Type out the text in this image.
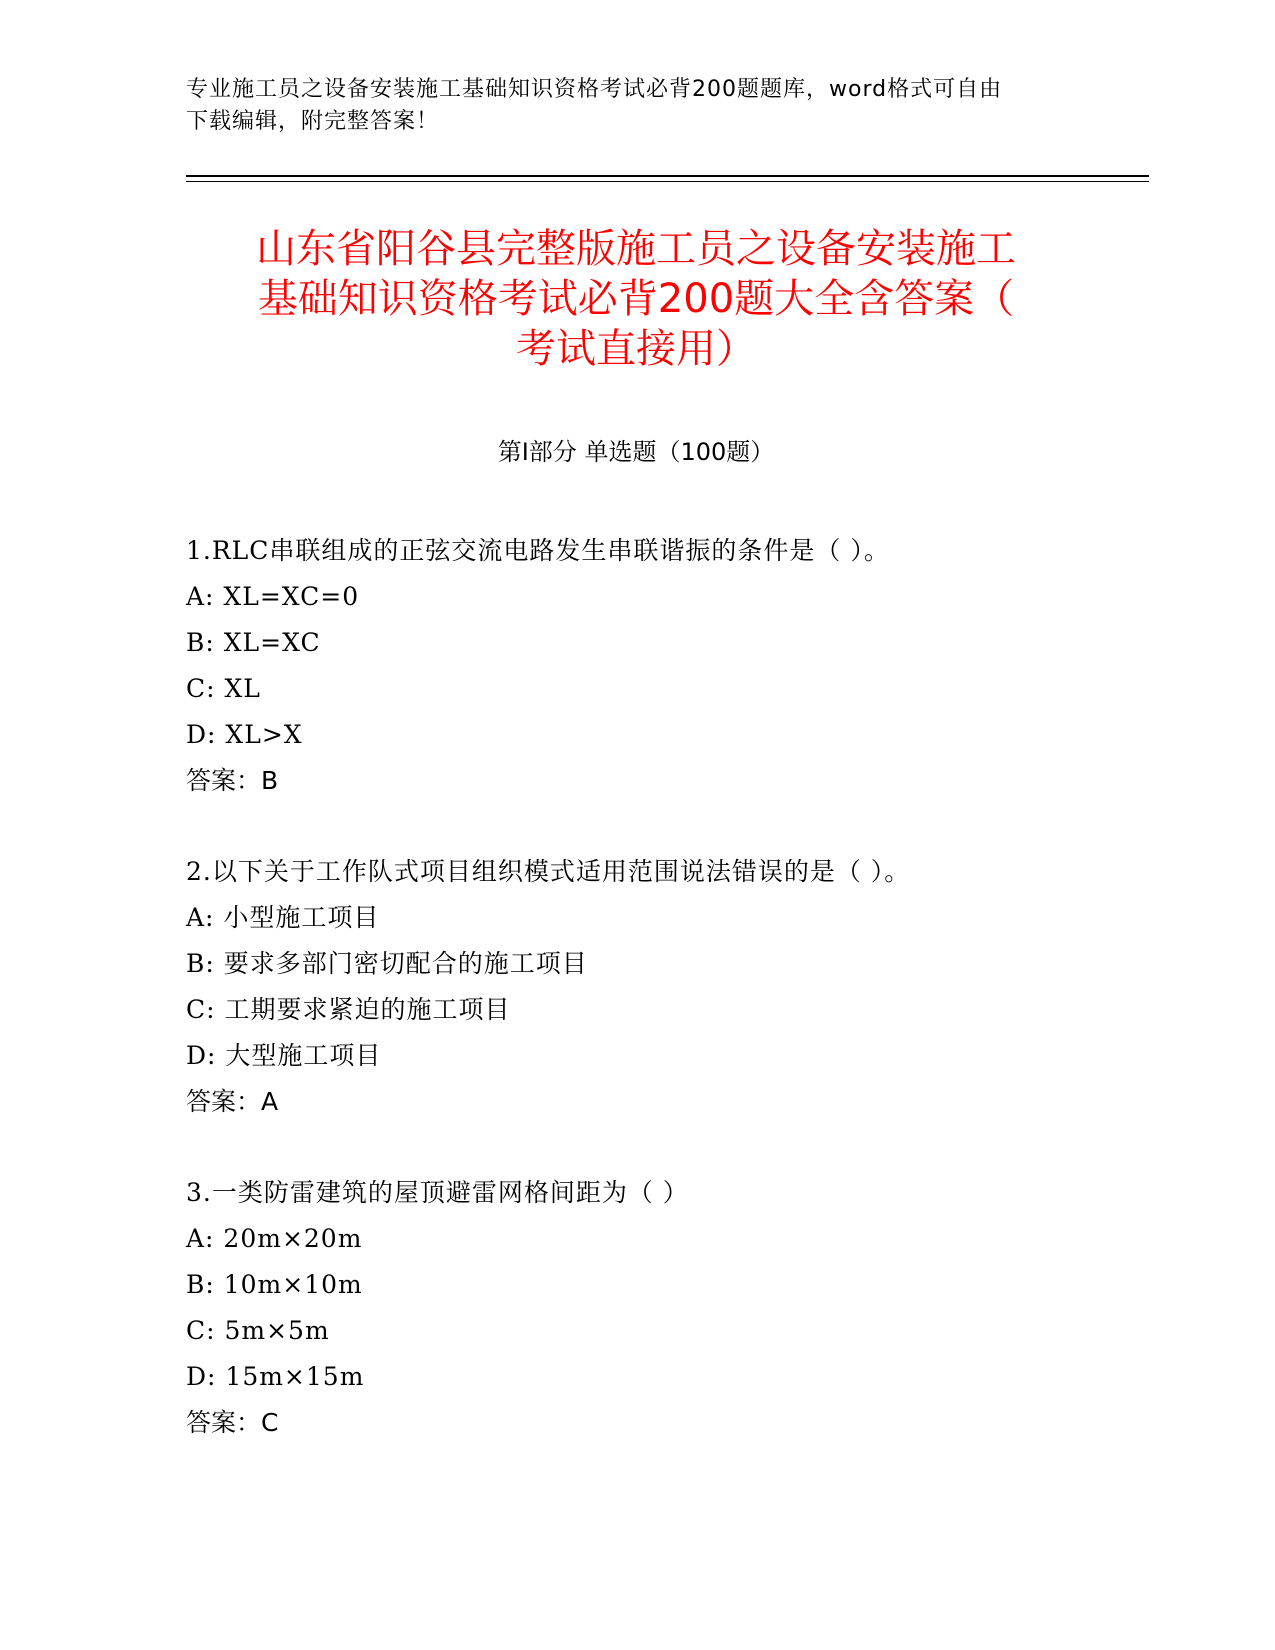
专业施工员之设备安装施工基础知识资格考试必背200题题库，word格式可自由
下载编辑，附完整答案！
山东省阳谷县完整版施工员之设备安装施工
基础知识资格考试必背200题大全含答案（
考试直接用）
第Ⅰ部分 单选题（100题）
1.RLC串联组成的正弦交流电路发生串联谐振的条件是（ ）。
A: XL=XC=0
B: XL=XC
C: XL
D: XL>X
答案：B
2.以下关于工作队式项目组织模式适用范围说法错误的是（ ）。
A: 小型施工项目
B: 要求多部门密切配合的施工项目
C: 工期要求紧迫的施工项目
D: 大型施工项目
答案：A
3.一类防雷建筑的屋顶避雷网格间距为（ ）
A: 20m×20m
B: 10m×10m
C: 5m×5m
D: 15m×15m
答案：C
